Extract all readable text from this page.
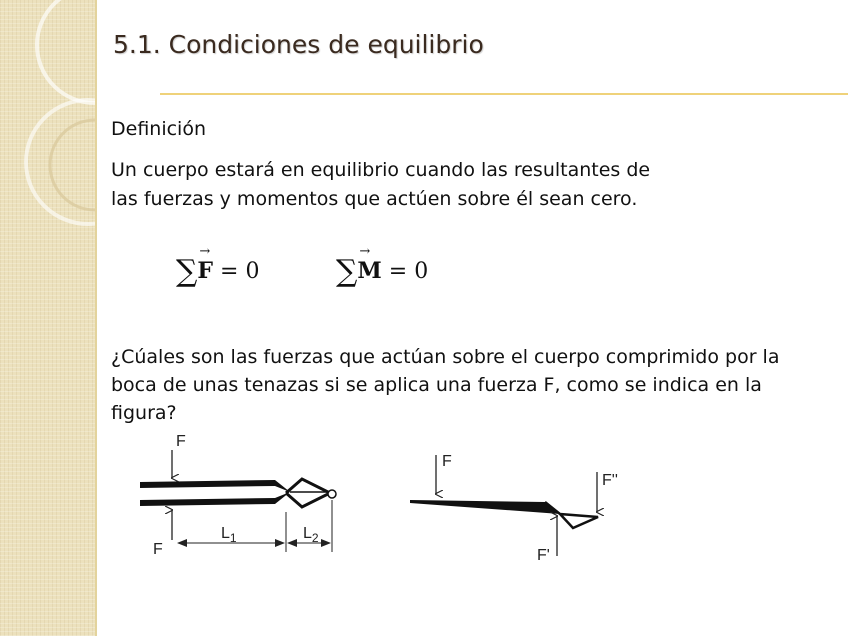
5.1. Condiciones de equilibrio
Definición
Un cuerpo estará en equilibrio cuando las resultantes de las fuerzas y momentos que actúen sobre él sean cero.
∑→ F = 0	∑→ M = 0
¿Cúales son las fuerzas que actúan sobre el cuerpo comprimido por la boca de unas tenazas si se aplica una fuerza F, como se indica en la figura?
F
F
$L_1$	$L_2$
F
F'
F''
